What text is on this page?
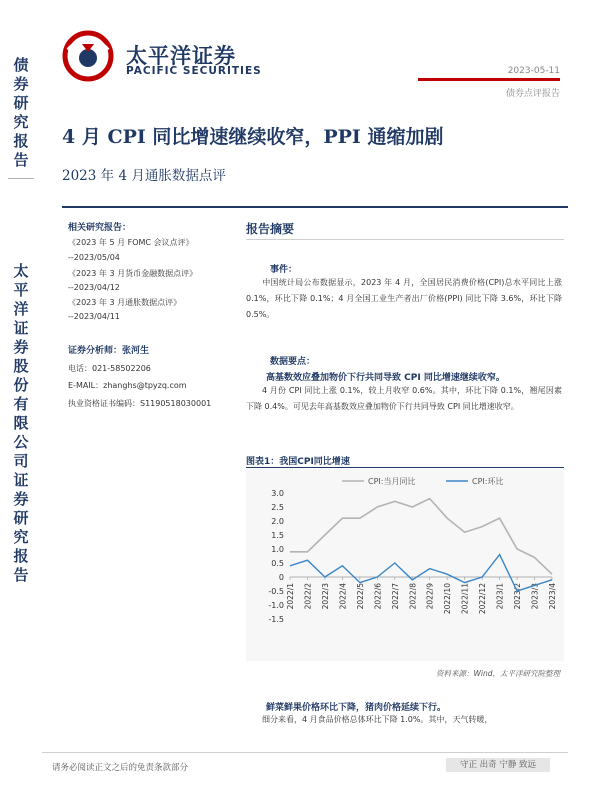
债券研究报告
太平洋证券股份有限公司证券研究报告
太平洋证券
PACIFIC SECURITIES	2023-05-11
债券点评报告
4 月 CPI 同比增速继续收窄，PPI 通缩加剧
2023 年 4 月通胀数据点评
相关研究报告：
《2023 年 5 月 FOMC 会议点评》
--2023/05/04
《2023 年 3 月货币金融数据点评》
--2023/04/12
《2023 年 3 月通胀数据点评》
--2023/04/11
证券分析师：张河生
电话：021-58502206
E-MAIL：zhanghs@tpyzq.com
执业资格证书编码：S1190518030001
报告摘要
事件：
中国统计局公布数据显示，2023 年 4 月，全国居民消费价格(CPI)总水平同比上涨 0.1%，环比下降 0.1%；4 月全国工业生产者出厂价格(PPI) 同比下降 3.6%，环比下降 0.5%。
数据要点：
高基数效应叠加物价下行共同导致 CPI 同比增速继续收窄。
4 月份 CPI 同比上涨 0.1%，较上月收窄 0.6%。其中，环比下降 0.1%，翘尾因素下降 0.4%。可见去年高基数效应叠加物价下行共同导致 CPI 同比增速收窄。
图表1：我国CPI同比增速
3.0
2.5
2.0
1.5
1.0
0.5
0
-0.5
-1.0
-1.5
2022/1 2022/2 2022/3 2022/4 2022/5 2022/6 2022/7 2022/8 2022/9 2022/10 2022/11 2022/12 2023/1 2023/2 2023/3 2023/4
CPI:当月同比	CPI:环比
资料来源：Wind，太平洋研究院整理
鲜菜鲜果价格环比下降，猪肉价格延续下行。
细分来看，4 月食品价格总体环比下降 1.0%。其中，天气转暖，
请务必阅读正文之后的免责条款部分	守正 出奇 宁静 致远
